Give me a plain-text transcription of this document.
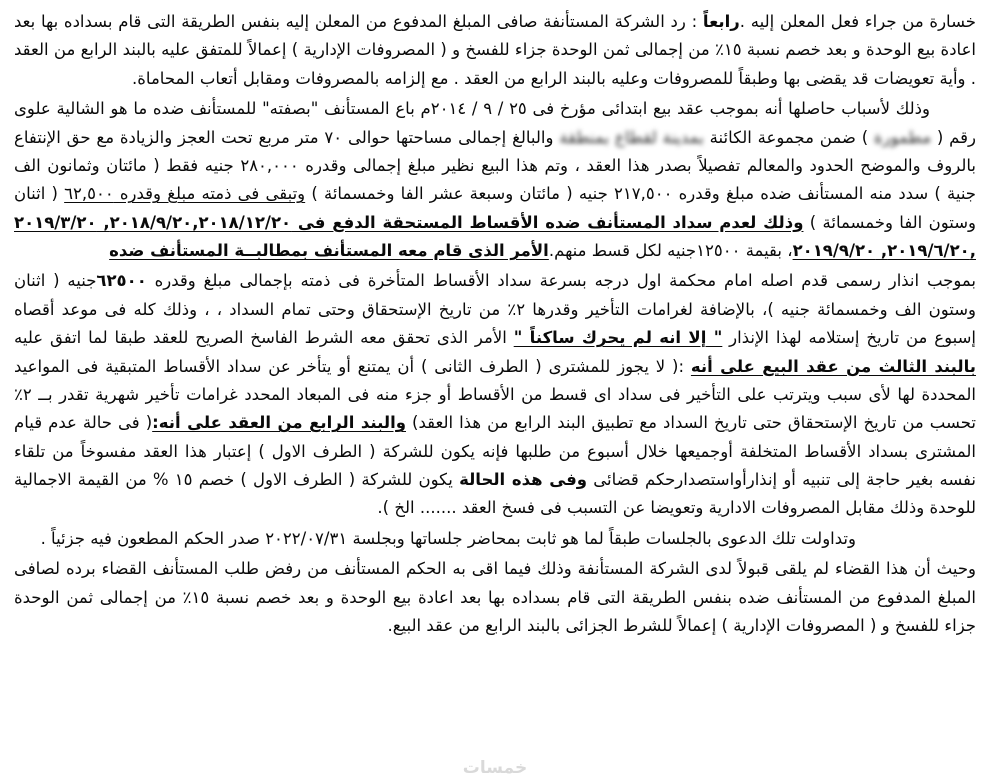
خسارة من جراء فعل المعلن إليه .رابعاً : رد الشركة المستأنفة صافى المبلغ المدفوع من المعلن إليه بنفس الطريقة التى قام بسداده بها بعد اعادة بيع الوحدة و بعد خصم نسبة ١٥٪ من إجمالى ثمن الوحدة جزاء للفسخ و ( المصروفات الإدارية ) إعمالاً للمتفق عليه بالبند الرابع من العقد . وأية تعويضات قد يقضى بها وطبقاً للمصروفات وعليه بالبند الرابع من العقد . مع إلزامه بالمصروفات ومقابل أتعاب المحاماة.

وذلك لأسباب حاصلها أنه بموجب عقد بيع ابتدائى مؤرخ فى ٢٥ / ٩ / ٢٠١٤م باع المستأنف "بصفته" للمستأنف ضده ما هو الشالية علوى رقم ( مطمورة ) ضمن مجموعة الكائنة بمدينة لقطاع بمنطقة والبالغ إجمالى مساحتها حوالى ٧٠ متر مربع تحت العجز والزيادة مع حق الإنتفاع بالروف والموضح الحدود والمعالم تفصيلاً بصدر هذا العقد ، وتم هذا البيع نظير مبلغ إجمالى وقدره ٢٨٠,٠٠٠ جنيه فقط ( مائتان وثمانون الف جنية ) سدد منه المستأنف ضده مبلغ وقدره ٢١٧,٥٠٠ جنيه ( مائتان وسبعة عشر الفا وخمسمائة ) وتبقى فى ذمته مبلغ وقدره ٦٢,٥٠٠ ( اثنان وستون الفا وخمسمائة ) وذلك لعدم سداد المستأنف ضده الأقساط المستحقة الدفع فى ٢٠١٨/٩/٢٠,٢٠١٨/١٢/٢٠, ٢٠١٩/٣/٢٠ ,٢٠١٩/٦/٢٠, ٢٠١٩/٩/٢٠، بقيمة ١٢٥٠٠جنيه لكل قسط منهم.الأمر الذى قام معه المستأنف بمطالبــة المستأنف ضده

بموجب انذار رسمى قدم اصله امام محكمة اول درجه بسرعة سداد الأقساط المتأخرة فى ذمته بإجمالى مبلغ وقدره ٦٢٥٠٠جنيه ( اثنان وستون الف وخمسمائة جنيه )، بالإضافة لغرامات التأخير وقدرها ٢٪ من تاريخ الإستحقاق وحتى تمام السداد ، ، وذلك كله فى موعد أقصاه إسبوع من تاريخ إستلامه لهذا الإنذار " إلا انه لم يحرك ساكناً " الأمر الذى تحقق معه الشرط الفاسخ الصريح للعقد طبقا لما اتفق عليه بالبند الثالث من عقد البيع على أنه :( لا يجوز للمشترى ( الطرف الثانى ) أن يمتنع أو يتأخر عن سداد الأقساط المتبقية فى المواعيد المحددة لها لأى سبب ويترتب على التأخير فى سداد اى قسط من الأقساط أو جزء منه فى المبعاد المحدد غرامات تأخير شهرية تقدر بــ ٢٪ تحسب من تاريخ الإستحقاق حتى تاريخ السداد مع تطبيق البند الرابع من هذا العقد) والبند الرابع من العقد على أنه:( فى حالة عدم قيام المشترى بسداد الأقساط المتخلفة أوجميعها خلال أسبوع من طلبها فإنه يكون للشركة ( الطرف الاول ) إعتبار هذا العقد مفسوخاً من تلقاء نفسه بغير حاجة إلى تنبيه أو إنذارأواستصدارحكم قضائى وفى هذه الحالة يكون للشركة ( الطرف الاول ) خصم ١٥ % من القيمة الاجمالية للوحدة وذلك مقابل المصروفات الادارية وتعويضا عن التسبب فى فسخ العقد ....... الخ ).

وتداولت تلك الدعوى بالجلسات طبقاً لما هو ثابت بمحاضر جلساتها وبجلسة ٢٠٢٢/٠٧/٣١ صدر الحكم المطعون فيه جزئياً .

وحيث أن هذا القضاء لم يلقى قبولاً لدى الشركة المستأنفة وذلك فيما اقى به الحكم المستأنف من رفض طلب المستأنف القضاء برده لصافى المبلغ المدفوع من المستأنف ضده بنفس الطريقة التى قام بسداده بها بعد اعادة بيع الوحدة و بعد خصم نسبة ١٥٪ من إجمالى ثمن الوحدة جزاء للفسخ و ( المصروفات الإدارية ) إعمالاً للشرط الجزائى بالبند الرابع من عقد البيع.

خمسات
